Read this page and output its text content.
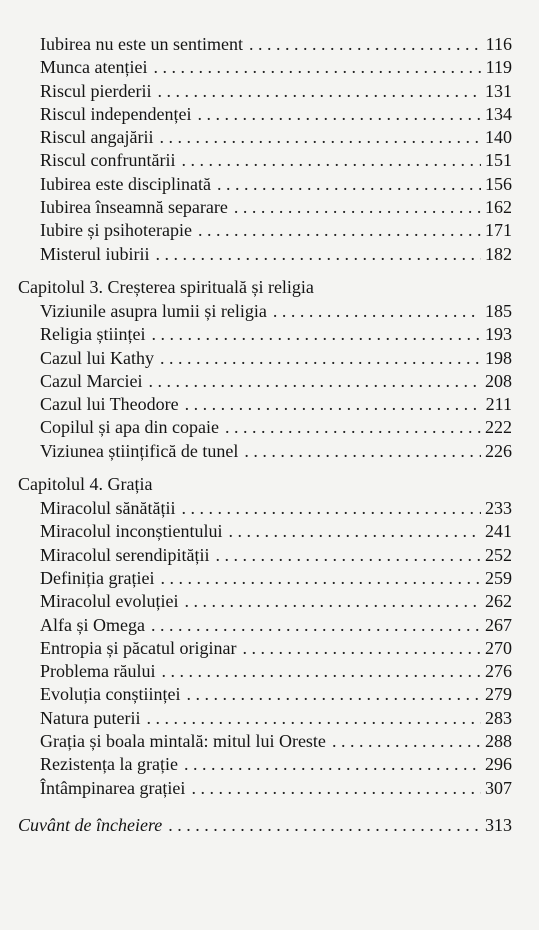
Iubirea nu este un sentiment . . .	116
Munca atenției . . .	119
Riscul pierderii . . .	131
Riscul independenței . . .	134
Riscul angajării . . .	140
Riscul confruntării . . .	151
Iubirea este disciplinată . . .	156
Iubirea înseamnă separare . . .	162
Iubire și psihoterapie . . .	171
Misterul iubirii . . .	182
Capitolul 3. Creșterea spirituală și religia
Viziunile asupra lumii și religia . . .	185
Religia științei . . .	193
Cazul lui Kathy . . .	198
Cazul Marciei . . .	208
Cazul lui Theodore . . .	211
Copilul și apa din copaie . . .	222
Viziunea științifică de tunel . . .	226
Capitolul 4. Grația
Miracolul sănătății . . .	233
Miracolul inconștientului . . .	241
Miracolul serendipității . . .	252
Definiția grației . . .	259
Miracolul evoluției . . .	262
Alfa și Omega . . .	267
Entropia și păcatul originar . . .	270
Problema răului . . .	276
Evoluția conștiinței . . .	279
Natura puterii . . .	283
Grația și boala mintală: mitul lui Oreste . . .	288
Rezistența la grație . . .	296
Întâmpinarea grației . . .	307
Cuvânt de încheiere . . .	313
